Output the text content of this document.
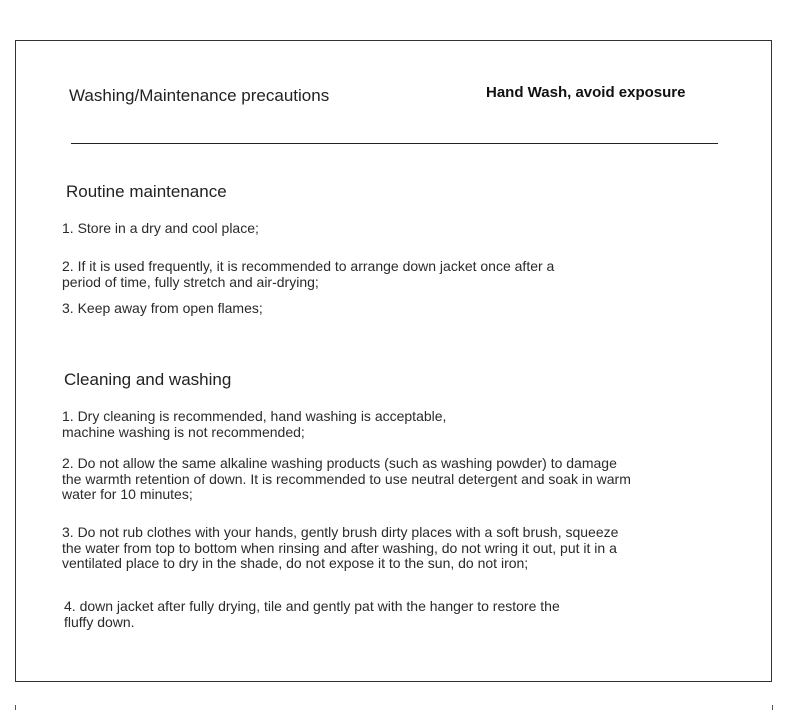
Washing/Maintenance precautions	Hand Wash, avoid exposure
Routine maintenance
1. Store in a dry and cool place;
2. If it is used frequently, it is recommended to arrange down jacket once after a
period of time, fully stretch and air-drying;
3. Keep away from open flames;
Cleaning and washing
1. Dry cleaning is recommended, hand washing is acceptable,
machine washing is not recommended;
2. Do not allow the same alkaline washing products (such as washing powder) to damage
the warmth retention of down. It is recommended to use neutral detergent and soak in warm
water for 10 minutes;
3. Do not rub clothes with your hands, gently brush dirty places with a soft brush, squeeze
the water from top to bottom when rinsing and after washing, do not wring it out, put it in a
ventilated place to dry in the shade, do not expose it to the sun, do not iron;
4. down jacket after fully drying, tile and gently pat with the hanger to restore the
fluffy down.
